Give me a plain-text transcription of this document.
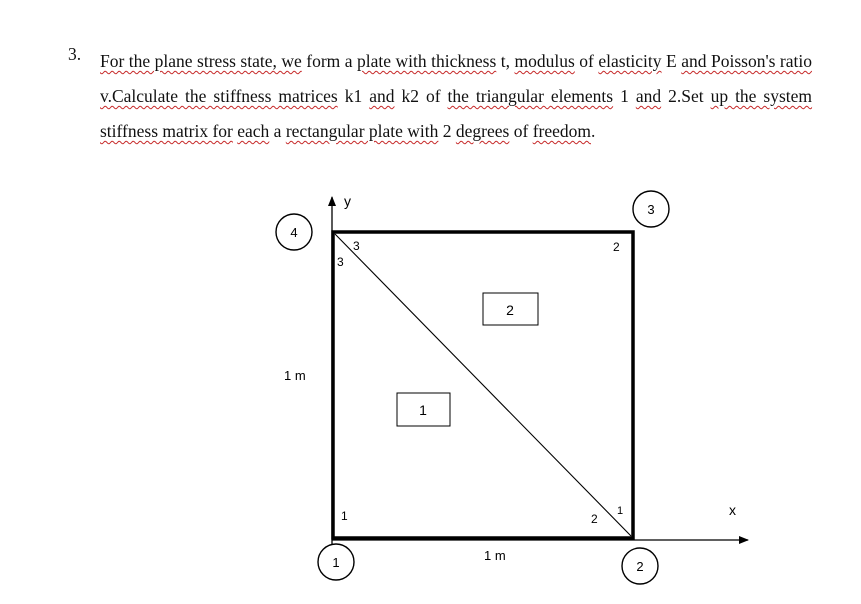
3. For the plane stress state, we form a plate with thickness t, modulus of elasticity E and Poisson's ratio v.Calculate the stiffness matrices k1 and k2 of the triangular elements 1 and 2.Set up the system stiffness matrix for each a rectangular plate with 2 degrees of freedom.

y
x
1 m
1 m
4
3
1	2
2
1
3
3	2
1	2
1
